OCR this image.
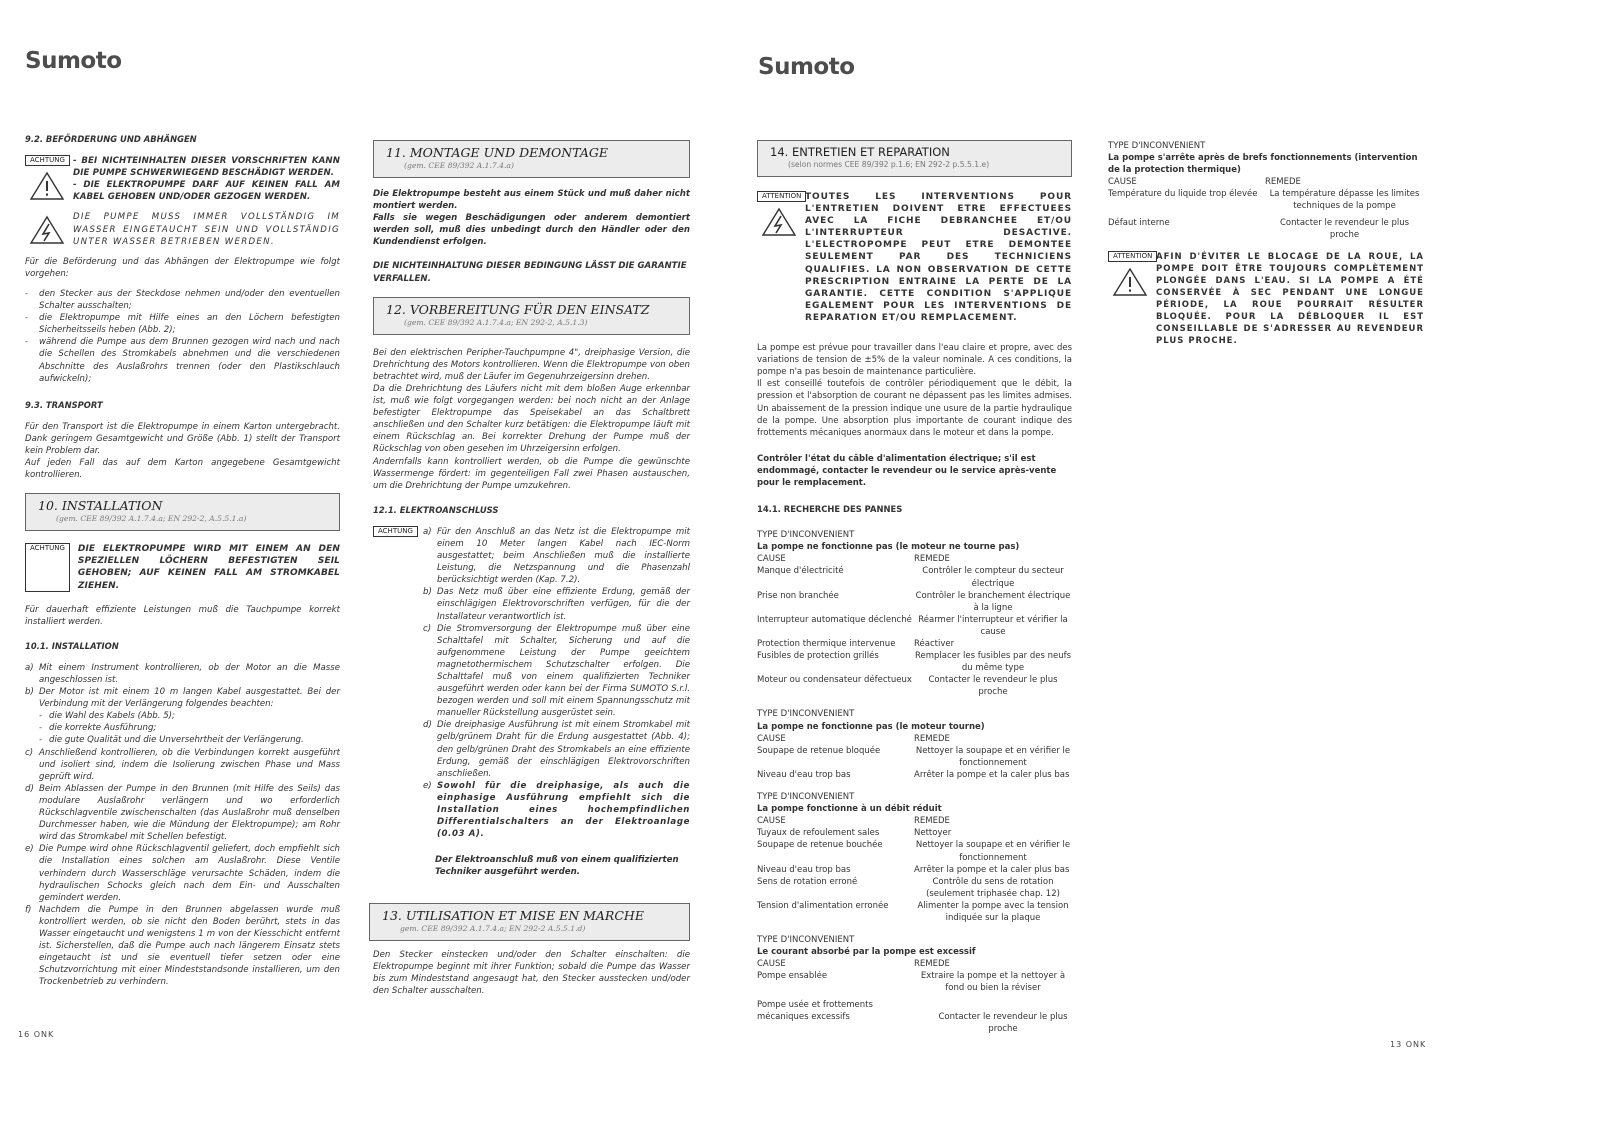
Sumoto	Sumoto
9.2. BEFÖRDERUNG UND ABHÄNGEN
ACHTUNG - BEI NICHTEINHALTEN DIESER VORSCHRIFTEN KANN DIE PUMPE SCHWERWIEGEND BESCHÄDIGT WERDEN.
- DIE ELEKTROPUMPE DARF AUF KEINEN FALL AM KABEL GEHOBEN UND/ODER GEZOGEN WERDEN.
DIE PUMPE MUSS IMMER VOLLSTÄNDIG IM WASSER EINGETAUCHT SEIN UND VOLLSTÄNDIG UNTER WASSER BETRIEBEN WERDEN.

Für die Beförderung und das Abhängen der Elektropumpe wie folgt vorgehen:

-	den Stecker aus der Steckdose nehmen und/oder den eventuellen Schalter ausschalten;
-	die Elektropumpe mit Hilfe eines an den Löchern befestigten Sicherheitsseils heben (Abb. 2);
-	während die Pumpe aus dem Brunnen gezogen wird nach und nach die Schellen des Stromkabels abnehmen und die verschiedenen Abschnitte des Auslaßrohrs trennen (oder den Plastikschlauch aufwickeln);
9.3. TRANSPORT

Für den Transport ist die Elektropumpe in einem Karton untergebracht. Dank geringem Gesamtgewicht und Größe (Abb. 1) stellt der Transport kein Problem dar.

Auf jeden Fall das auf dem Karton angegebene Gesamtgewicht kontrollieren.

10. INSTALLATION
(gem. CEE 89/392 A.1.7.4.a; EN 292-2, A.5.5.1.a)
ACHTUNG	DIE ELEKTROPUMPE WIRD MIT EINEM AN DEN SPEZIELLEN LÖCHERN BEFESTIGTEN SEIL GEHOBEN; AUF KEINEN FALL AM STROMKABEL ZIEHEN.

Für dauerhaft effiziente Leistungen muß die Tauchpumpe korrekt installiert werden.

10.1. INSTALLATION
a) Mit einem Instrument kontrollieren, ob der Motor an die Masse angeschlossen ist.
b) Der Motor ist mit einem 10 m langen Kabel ausgestattet. Bei der Verbindung mit der Verlängerung folgendes beachten:
- die Wahl des Kabels (Abb. 5);
- die korrekte Ausführung;
- die gute Qualität und die Unversehrtheit der Verlängerung.
c) Anschließend kontrollieren, ob die Verbindungen korrekt ausgeführt und isoliert sind, indem die Isolierung zwischen Phase und Mass geprüft wird.
d) Beim Ablassen der Pumpe in den Brunnen (mit Hilfe des Seils) das modulare Auslaßrohr verlängern und wo erforderlich Rückschlagventile zwischenschalten (das Auslaßrohr muß denselben Durchmesser haben, wie die Mündung der Elektropumpe); am Rohr wird das Stromkabel mit Schellen befestigt.
e) Die Pumpe wird ohne Rückschlagventil geliefert, doch empfiehlt sich die Installation eines solchen am Auslaßrohr. Diese Ventile verhindern durch Wasserschläge verursachte Schäden, indem die hydraulischen Schocks gleich nach dem Ein- und Ausschalten gemindert werden.
f) Nachdem die Pumpe in den Brunnen abgelassen wurde muß kontrolliert werden, ob sie nicht den Boden berührt, stets in das Wasser eingetaucht und wenigstens 1 m von der Kiesschicht entfernt ist. Sicherstellen, daß die Pumpe auch nach längerem Einsatz stets eingetaucht ist und sie eventuell tiefer setzen oder eine Schutzvorrichtung mit einer Mindeststandsonde installieren, um den Trockenbetrieb zu verhindern.
16 ONK
11. MONTAGE UND DEMONTAGE
(gem. CEE 89/392 A.1.7.4.a)

Die Elektropumpe besteht aus einem Stück und muß daher nicht montiert werden.

Falls sie wegen Beschädigungen oder anderem demontiert werden soll, muß dies unbedingt durch den Händler oder den Kundendienst erfolgen.

DIE NICHTEINHALTUNG DIESER BEDINGUNG LÄSST DIE GARANTIE VERFALLEN.

12. VORBEREITUNG FÜR DEN EINSATZ
(gem. CEE 89/392 A.1.7.4.a; EN 292-2, A.5.1.3)

Bei den elektrischen Peripher-Tauchpumpne 4", dreiphasige Version, die Drehrichtung des Motors kontrollieren. Wenn die Elektropumpe von oben betrachtet wird, muß der Läufer im Gegenuhrzeigersinn drehen.

Da die Drehrichtung des Läufers nicht mit dem bloßen Auge erkennbar ist, muß wie folgt vorgegangen werden: bei noch nicht an der Anlage befestigter Elektropumpe das Speisekabel an das Schaltbrett anschließen und den Schalter kurz betätigen: die Elektropumpe läuft mit einem Rückschlag an. Bei korrekter Drehung der Pumpe muß der Rückschlag von oben gesehen im Uhrzeigersinn erfolgen.

Andernfalls kann kontrolliert werden, ob die Pumpe die gewünschte Wassermenge fördert: im gegenteiligen Fall zwei Phasen austauschen, um die Drehrichtung der Pumpe umzukehren.

12.1. ELEKTROANSCHLUSS
ACHTUNG	a) Für den Anschluß an das Netz ist die Elektropumpe mit einem 10 Meter langen Kabel nach IEC-Norm ausgestattet; beim Anschließen muß die installierte Leistung, die Netzspannung und die Phasenzahl berücksichtigt werden (Kap. 7.2).
b) Das Netz muß über eine effiziente Erdung, gemäß der einschlägigen Elektrovorschriften verfügen, für die der Installateur verantwortlich ist.
c) Die Stromversorgung der Elektropumpe muß über eine Schalttafel mit Schalter, Sicherung und auf die aufgenommene Leistung der Pumpe geeichtem magnetothermischem Schutzschalter erfolgen. Die Schalttafel muß von einem qualifizierten Techniker ausgeführt werden oder kann bei der Firma SUMOTO S.r.l. bezogen werden und soll mit einem Spannungsschutz mit manueller Rückstellung ausgerüstet sein.
d) Die dreiphasige Ausführung ist mit einem Stromkabel mit gelb/grünem Draht für die Erdung ausgestattet (Abb. 4); den gelb/grünen Draht des Stromkabels an eine effiziente Erdung, gemäß der einschlägigen Elektrovorschriften anschließen.
e) Sowohl für die dreiphasige, als auch die einphasige Ausführung empfiehlt sich die Installation eines hochempfindlichen Differentialschalters an der Elektroanlage (0.03 A).

Der Elektroanschluß muß von einem qualifizierten Techniker ausgeführt werden.

13. UTILISATION ET MISE EN MARCHE
gem. CEE 89/392 A.1.7.4.a; EN 292-2 A.5.5.1.d)

Den Stecker einstecken und/oder den Schalter einschalten: die Elektropumpe beginnt mit ihrer Funktion; sobald die Pumpe das Wasser bis zum Mindeststand angesaugt hat, den Stecker ausstecken und/oder den Schalter ausschalten.

14. ENTRETIEN ET REPARATION
(selon normes CEE 89/392 p.1.6; EN 292-2 p.5.5.1.e)
ATTENTION TOUTES LES INTERVENTIONS POUR L'ENTRETIEN DOIVENT ETRE EFFECTUEES AVEC LA FICHE DEBRANCHEE ET/OU L'INTERRUPTEUR DESACTIVE. L'ELECTROPOMPE PEUT ETRE DEMONTEE SEULEMENT PAR DES TECHNICIENS QUALIFIES. LA NON OBSERVATION DE CETTE PRESCRIPTION ENTRAINE LA PERTE DE LA GARANTIE. CETTE CONDITION S'APPLIQUE EGALEMENT POUR LES INTERVENTIONS DE REPARATION ET/OU REMPLACEMENT.

La pompe est prévue pour travailler dans l'eau claire et propre, avec des variations de tension de ±5% de la valeur nominale. A ces conditions, la pompe n'a pas besoin de maintenance particulière.

Il est conseillé toutefois de contrôler périodiquement que le débit, la pression et l'absorption de courant ne dépassent pas les limites admises. Un abaissement de la pression indique une usure de la partie hydraulique de la pompe. Une absorption plus importante de courant indique des frottements mécaniques anormaux dans le moteur et dans la pompe.

Contrôler l'état du câble d'alimentation électrique; s'il est endommagé, contacter le revendeur ou le service après-vente pour le remplacement.

14.1. RECHERCHE DES PANNES
TYPE D'INCONVENIENT
La pompe ne fonctionne pas (le moteur ne tourne pas)
CAUSE	REMEDE
Manque d'électricité	Contrôler le compteur du secteur électrique
Prise non branchée	Contrôler le branchement électrique à la ligne
Interrupteur automatique déclenché Réarmer l'interrupteur et vérifier la cause
Protection thermique intervenue	Réactiver
Fusibles de protection grillés	Remplacer les fusibles par des neufs du même type
Moteur ou condensateur défectueux	Contacter le revendeur le plus proche
TYPE D'INCONVENIENT
La pompe ne fonctionne pas (le moteur tourne)
CAUSE	REMEDE
Soupape de retenue bloquée	Nettoyer la soupape et en vérifier le fonctionnement
Niveau d'eau trop bas	Arrêter la pompe et la caler plus bas
TYPE D'INCONVENIENT
La pompe fonctionne à un débit réduit
CAUSE	REMEDE
Tuyaux de refoulement sales	Nettoyer
Soupape de retenue bouchée	Nettoyer la soupape et en vérifier le fonctionnement
Niveau d'eau trop bas	Arrêter la pompe et la caler plus bas
Sens de rotation erroné	Contrôle du sens de rotation (seulement triphasée chap. 12)
Tension d'alimentation erronée	Alimenter la pompe avec la tension indiquée sur la plaque
TYPE D'INCONVENIENT
Le courant absorbé par la pompe est excessif
CAUSE	REMEDE
Pompe ensablée	Extraire la pompe et la nettoyer à fond ou bien la réviser
Pompe usée et frottements mécaniques excessifs	Contacter le revendeur le plus proche
TYPE D'INCONVENIENT
La pompe s'arrête après de brefs fonctionnements (intervention de la protection thermique)
CAUSE	REMEDE
Température du liquide trop élevée	La température dépasse les limites techniques de la pompe
Défaut interne	Contacter le revendeur le plus proche
ATTENTION AFIN D'ÉVITER LE BLOCAGE DE LA ROUE, LA POMPE DOIT ÊTRE TOUJOURS COMPLÈTEMENT PLONGÉE DANS L'EAU. SI LA POMPE A ÉTÉ CONSERVÉE À SEC PENDANT UNE LONGUE PÉRIODE, LA ROUE POURRAIT RÉSULTER BLOQUÉE. POUR LA DÉBLOQUER IL EST CONSEILLABLE DE S'ADRESSER AU REVENDEUR PLUS PROCHE.
13 ONK
